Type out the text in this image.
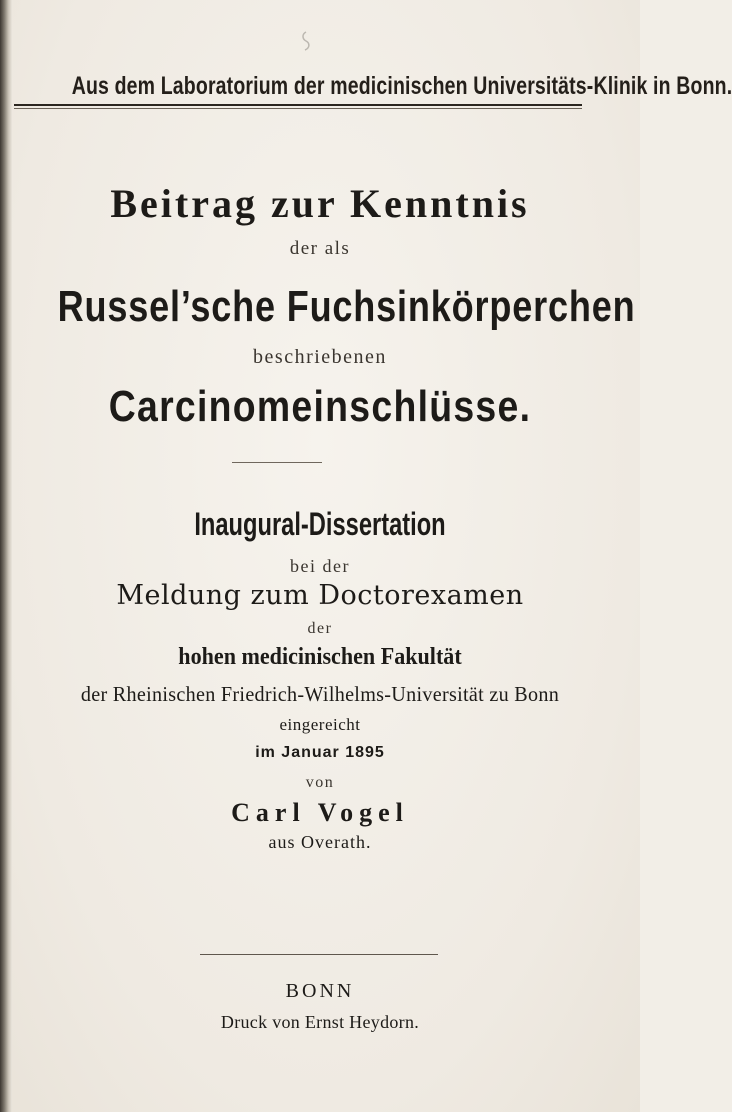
Aus dem Laboratorium der medicinischen Universitäts-Klinik in Bonn.
Beitrag zur Kenntnis
der als
Russel’sche Fuchsinkörperchen
beschriebenen
Carcinomeinschlüsse.
Inaugural-Dissertation
bei der
Meldung zum Doctorexamen
der
hohen medicinischen Fakultät
der Rheinischen Friedrich-Wilhelms-Universität zu Bonn
eingereicht
im Januar 1895
von
Carl Vogel
aus Overath.
BONN
Druck von Ernst Heydorn.
